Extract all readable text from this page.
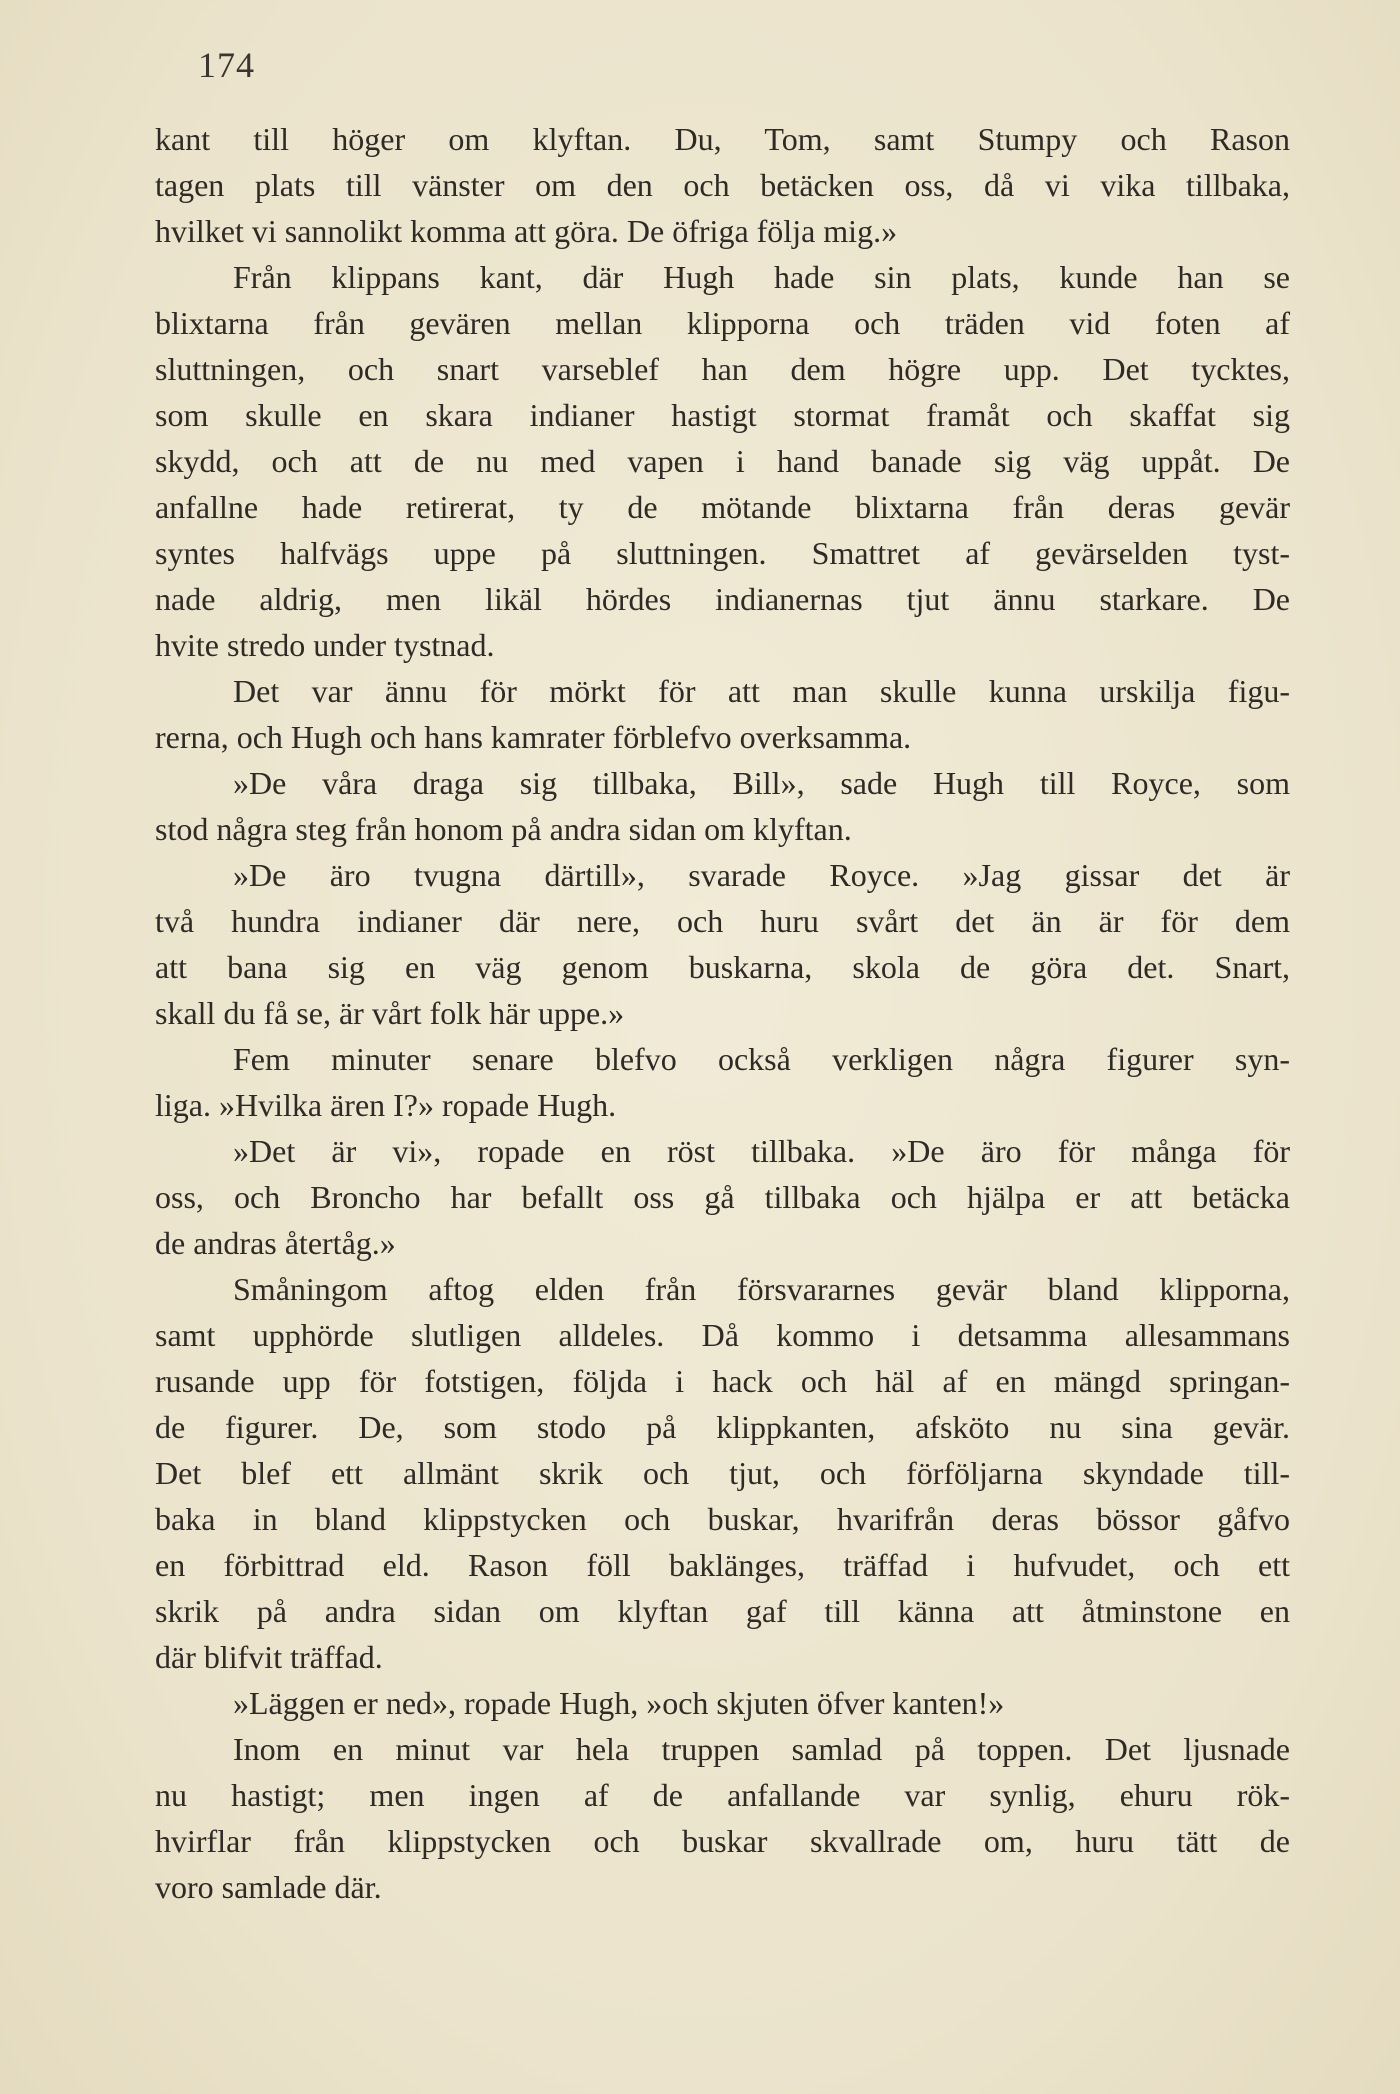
174
kant till höger om klyftan. Du, Tom, samt Stumpy och Rason
tagen plats till vänster om den och betäcken oss, då vi vika tillbaka,
hvilket vi sannolikt komma att göra. De öfriga följa mig.»
Från klippans kant, där Hugh hade sin plats, kunde han se
blixtarna från gevären mellan klipporna och träden vid foten af
sluttningen, och snart varseblef han dem högre upp. Det tycktes,
som skulle en skara indianer hastigt stormat framåt och skaffat sig
skydd, och att de nu med vapen i hand banade sig väg uppåt. De
anfallne hade retirerat, ty de mötande blixtarna från deras gevär
syntes halfvägs uppe på sluttningen. Smattret af gevärselden tyst-
nade aldrig, men likäl hördes indianernas tjut ännu starkare. De
hvite stredo under tystnad.
Det var ännu för mörkt för att man skulle kunna urskilja figu-
rerna, och Hugh och hans kamrater förblefvo overksamma.
»De våra draga sig tillbaka, Bill», sade Hugh till Royce, som
stod några steg från honom på andra sidan om klyftan.
»De äro tvugna därtill», svarade Royce. »Jag gissar det är
två hundra indianer där nere, och huru svårt det än är för dem
att bana sig en väg genom buskarna, skola de göra det. Snart,
skall du få se, är vårt folk här uppe.»
Fem minuter senare blefvo också verkligen några figurer syn-
liga. »Hvilka ären I?» ropade Hugh.
»Det är vi», ropade en röst tillbaka. »De äro för många för
oss, och Broncho har befallt oss gå tillbaka och hjälpa er att betäcka
de andras återtåg.»
Småningom aftog elden från försvararnes gevär bland klipporna,
samt upphörde slutligen alldeles. Då kommo i detsamma allesammans
rusande upp för fotstigen, följda i hack och häl af en mängd springan-
de figurer. De, som stodo på klippkanten, afsköto nu sina gevär.
Det blef ett allmänt skrik och tjut, och förföljarna skyndade till-
baka in bland klippstycken och buskar, hvarifrån deras bössor gåfvo
en förbittrad eld. Rason föll baklänges, träffad i hufvudet, och ett
skrik på andra sidan om klyftan gaf till känna att åtminstone en
där blifvit träffad.
»Läggen er ned», ropade Hugh, »och skjuten öfver kanten!»
Inom en minut var hela truppen samlad på toppen. Det ljusnade
nu hastigt; men ingen af de anfallande var synlig, ehuru rök-
hvirflar från klippstycken och buskar skvallrade om, huru tätt de
voro samlade där.
